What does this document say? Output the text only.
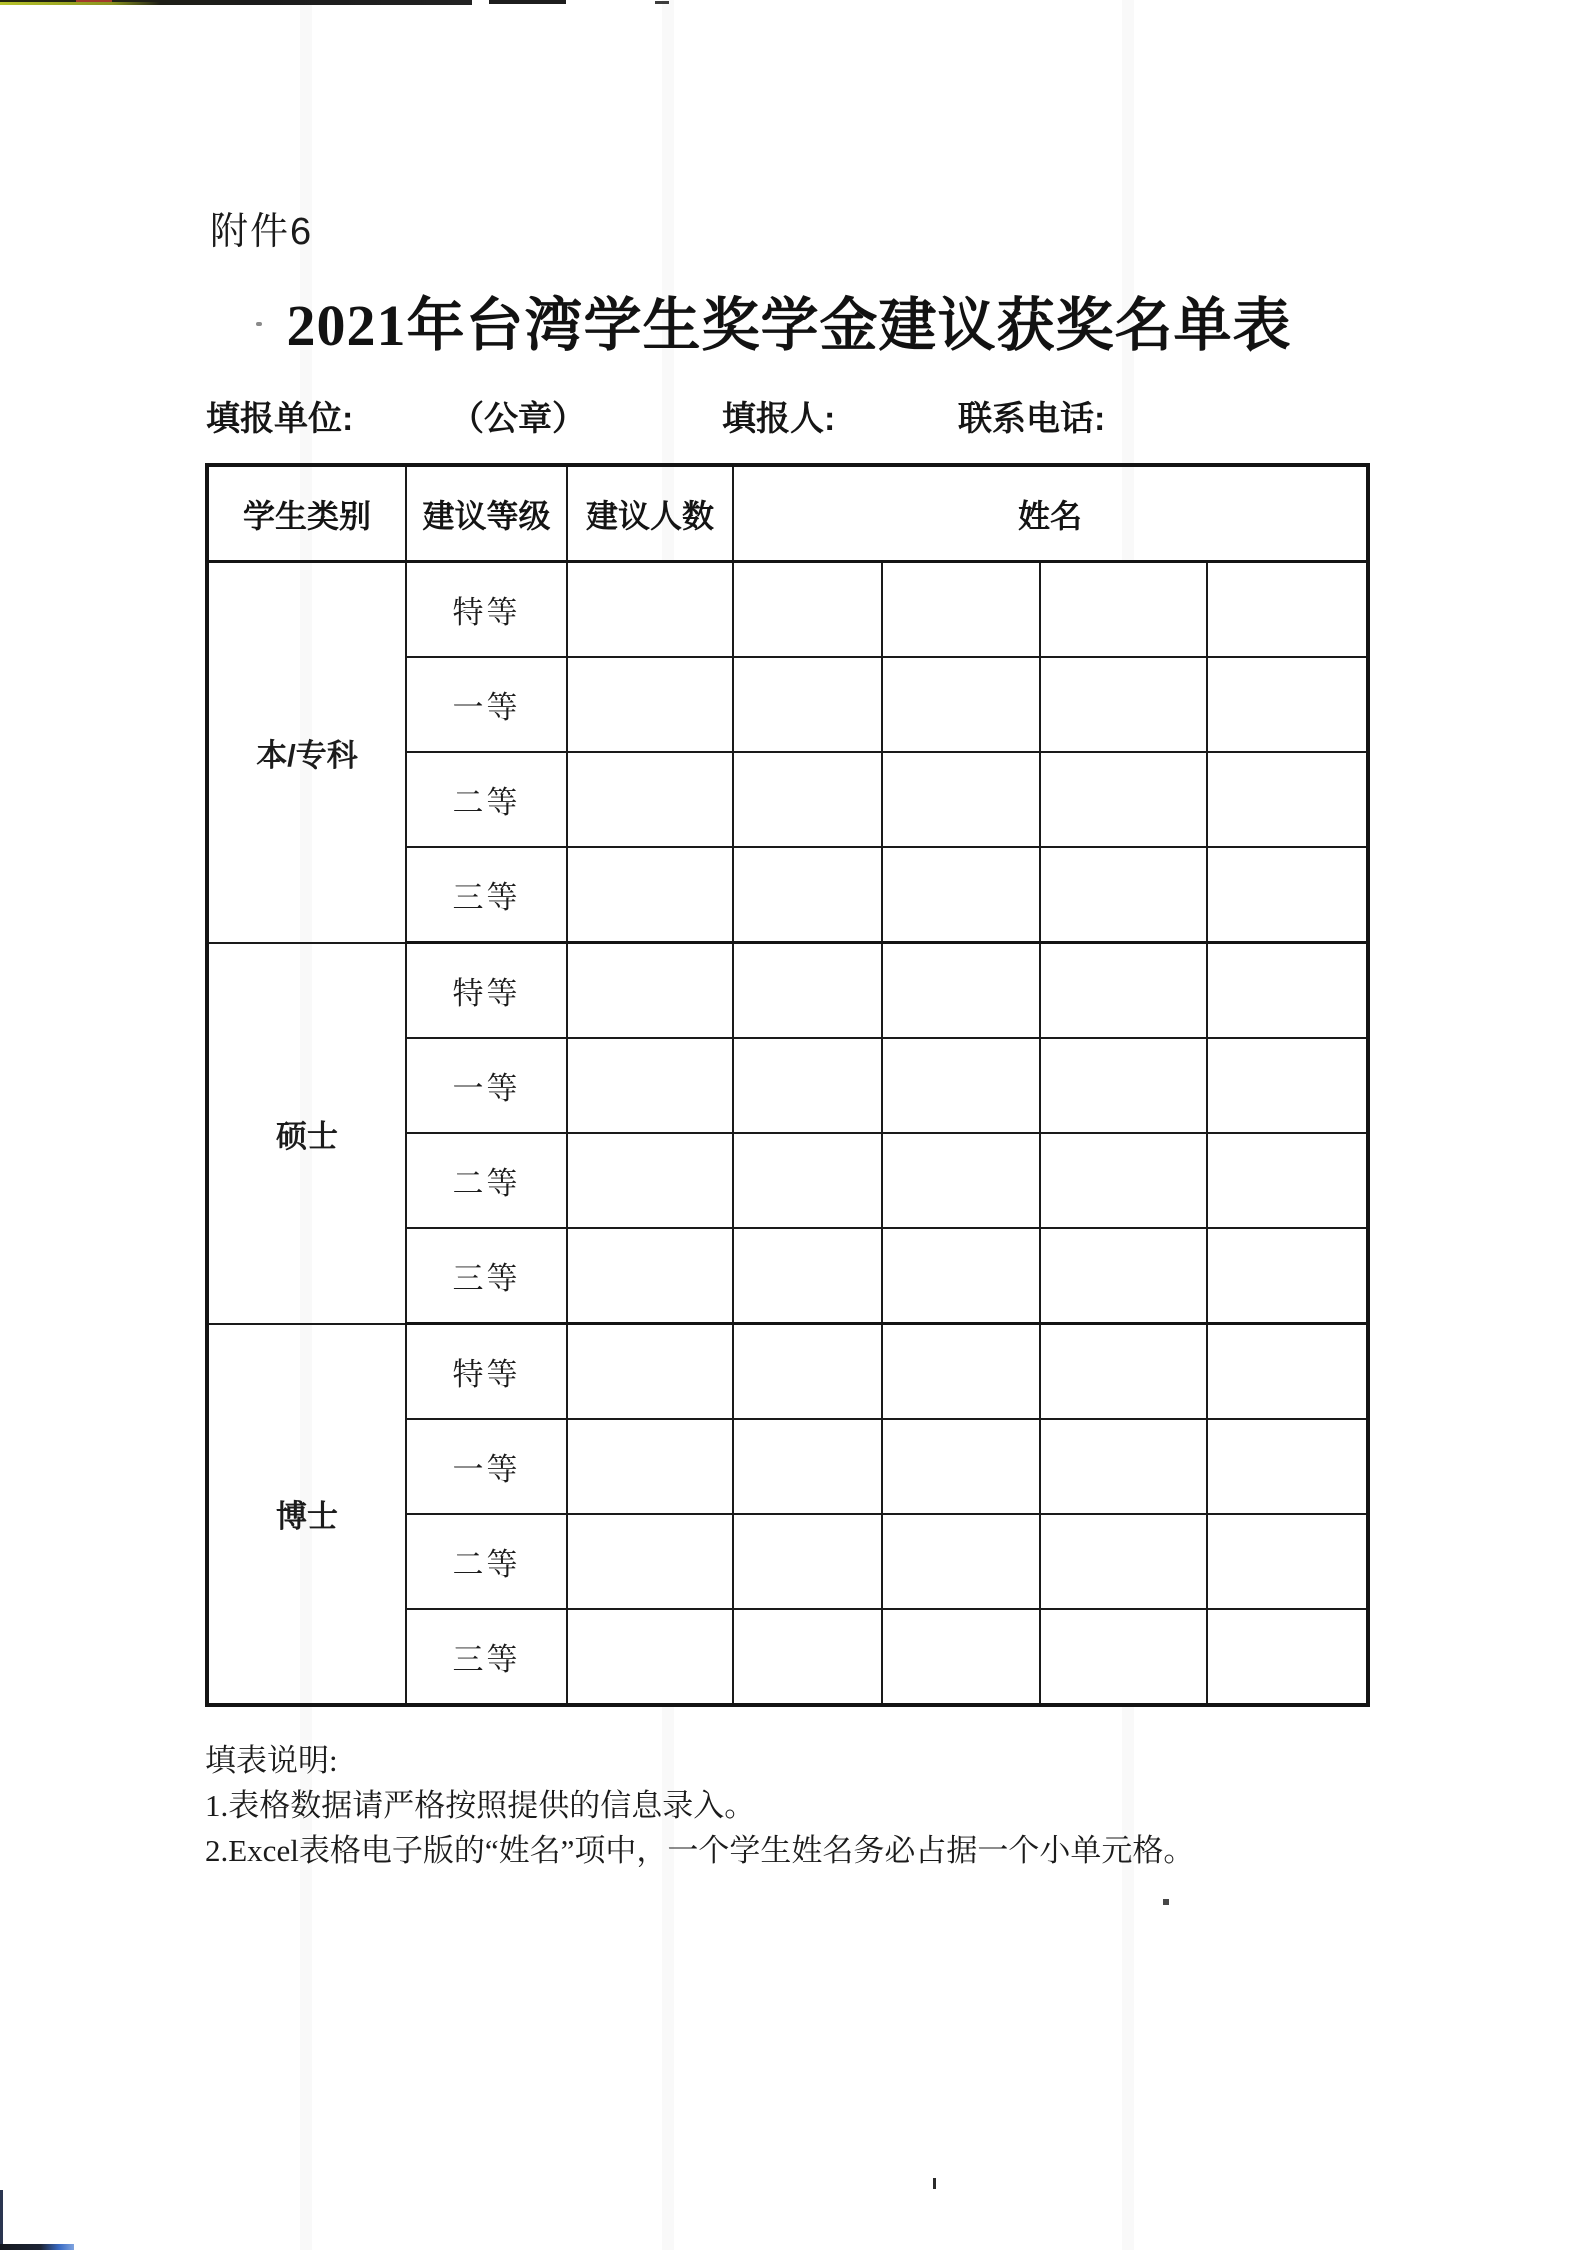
附件6
2021年台湾学生奖学金建议获奖名单表
填报单位:	（公章）	填报人:	联系电话:
学生类别	建议等级	建议人数	姓名			
本/专科	特等					
	一等					
	二等					
	三等					
硕士	特等					
	一等					
	二等					
	三等					
博士	特等					
	一等					
	二等					
	三等					
填表说明:
1.表格数据请严格按照提供的信息录入。
2.Excel表格电子版的“姓名”项中，一个学生姓名务必占据一个小单元格。
